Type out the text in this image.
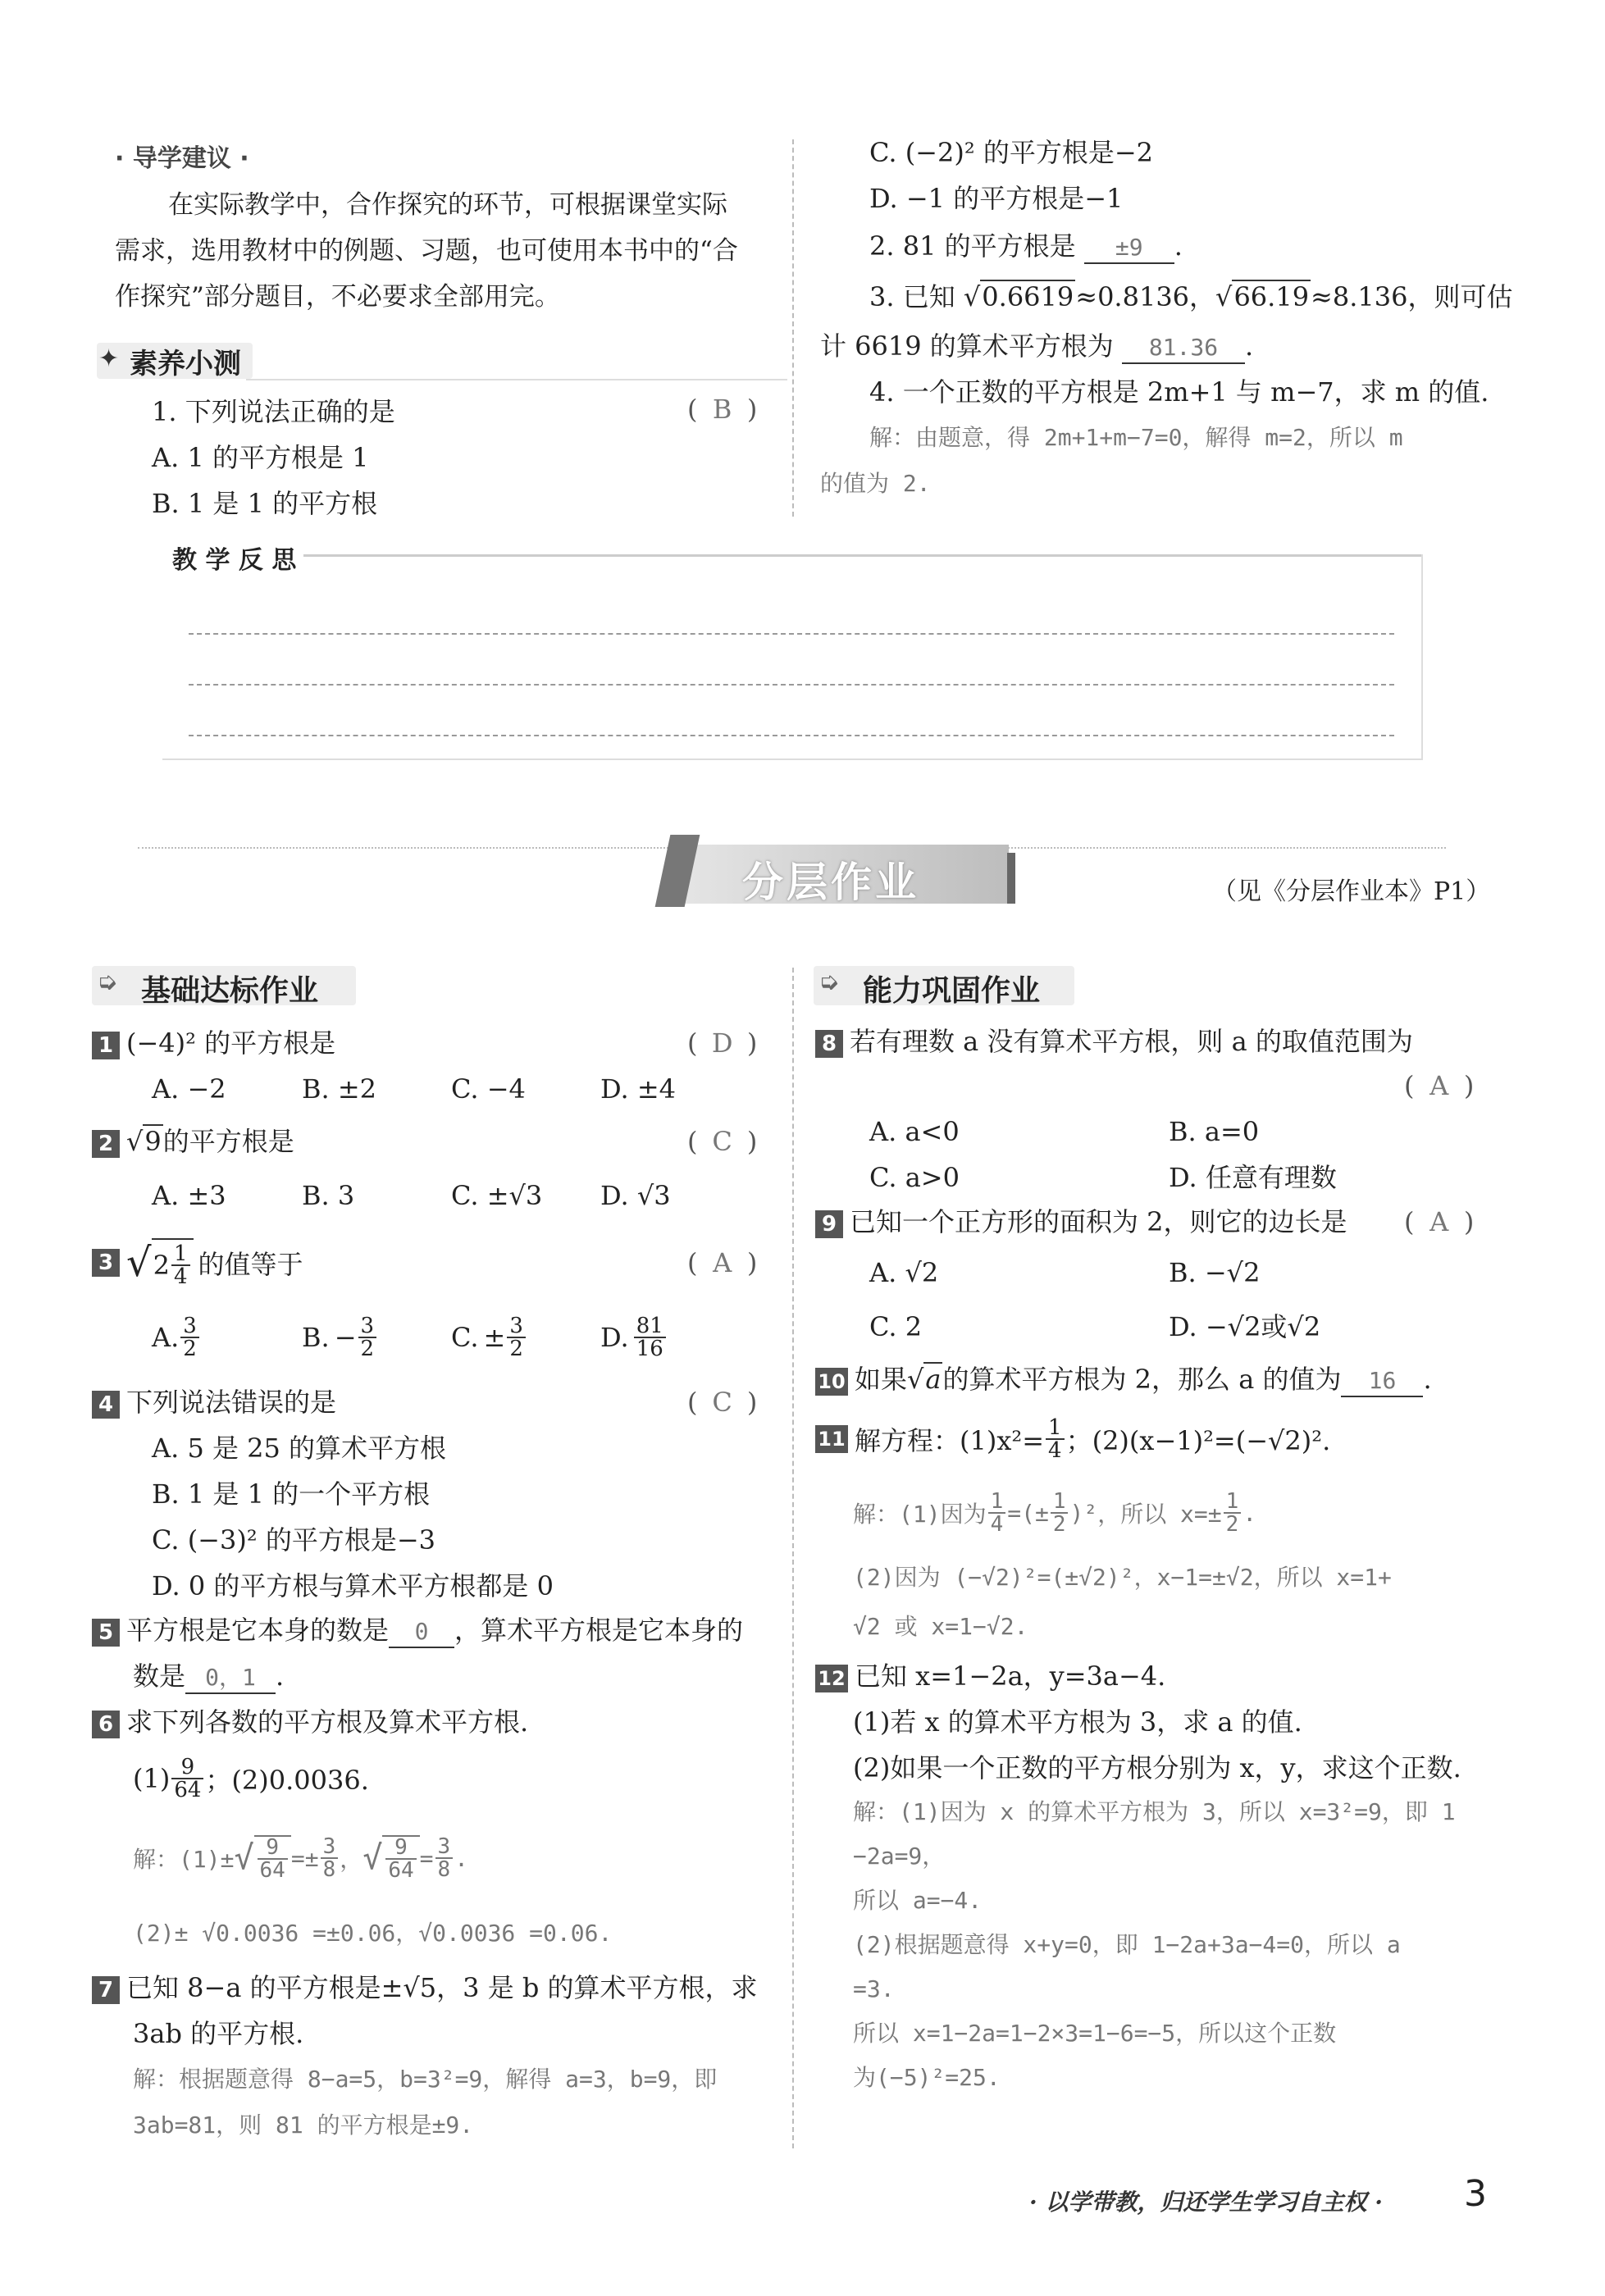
· 导学建议 ·
在实际教学中，合作探究的环节，可根据课堂实际
需求，选用教材中的例题、习题，也可使用本书中的“合
作探究”部分题目，不必要求全部用完。
✦ 素养小测
1. 下列说法正确的是	( B )
A. 1 的平方根是 1
B. 1 是 1 的平方根
C. (−2)² 的平方根是−2
D. −1 的平方根是−1
2. 81 的平方根是 ±9 .
3. 已知 √0.6619≈0.8136，√66.19≈8.136，则可估
计 6619 的算术平方根为 81.36 .
4. 一个正数的平方根是 2m+1 与 m−7，求 m 的值.
解：由题意，得 2m+1+m−7=0，解得 m=2，所以 m
的值为 2.
教 学 反 思
分层作业	（见《分层作业本》P1）
➭ 基础达标作业
1 (−4)² 的平方根是	( D )
A. −2	B. ±2	C. −4	D. ±4
2 √9的平方根是	( C )
A. ±3	B. 3	C. ±√3 D. √3
3 √ $2 \frac{1}{4}$ 的值等于	( A )
A. $\frac{3}{2}$	B. − $\frac{3}{2}$	C. ± $\frac{3}{2}$	D. $\frac{81}{16}$
4 下列说法错误的是	( C )
A. 5 是 25 的算术平方根
B. 1 是 1 的一个平方根
C. (−3)² 的平方根是−3
D. 0 的平方根与算术平方根都是 0
5 平方根是它本身的数是 0 ，算术平方根是它本身的
数是 0，1 .
6 求下列各数的平方根及算术平方根.
$(1) \frac{9}{64}$ ；(2)0.0036.
解：(1)± √ $\frac{9}{64} =\pm \frac{3}{8}$ ， √ $\frac{9}{64} = \frac{3}{8}$ .
(2)± √0.0036 =±0.06，√0.0036 =0.06.
7 已知 8−a 的平方根是±√5，3 是 b 的算术平方根，求
3ab 的平方根.
解：根据题意得 8−a=5，b=3²=9，解得 a=3，b=9，即
3ab=81，则 81 的平方根是±9.
➭ 能力巩固作业
8 若有理数 a 没有算术平方根，则 a 的取值范围为
( A )
A. a<0	B. a=0
C. a>0	D. 任意有理数
9 已知一个正方形的面积为 2，则它的边长是 ( A )
A. √2	B. −√2
C. 2	D. −√2或√2
10 如果√a的算术平方根为 2，那么 a 的值为 16 .
11 解方程：$(1)x^2= \frac{1}{4}$ ；(2)(x−1)²=(−√2)².
解：(1)因为 $\frac{1}{4}$ = (± $\frac{1}{2} )^2$ ，所以 $x=\pm \frac{1}{2}$ .
(2)因为 (−√2)²=(±√2)²，x−1=±√2，所以 x=1+
√2 或 x=1−√2.
12 已知 x=1−2a，y=3a−4.
(1)若 x 的算术平方根为 3，求 a 的值.
(2)如果一个正数的平方根分别为 x，y，求这个正数.
解：(1)因为 x 的算术平方根为 3，所以 x=3²=9，即 1
−2a=9，
所以 a=−4.
(2)根据题意得 x+y=0，即 1−2a+3a−4=0，所以 a
=3.
所以 x=1−2a=1−2×3=1−6=−5，所以这个正数
为(−5)²=25.
· 以学带教，归还学生学习自主权 · 3
